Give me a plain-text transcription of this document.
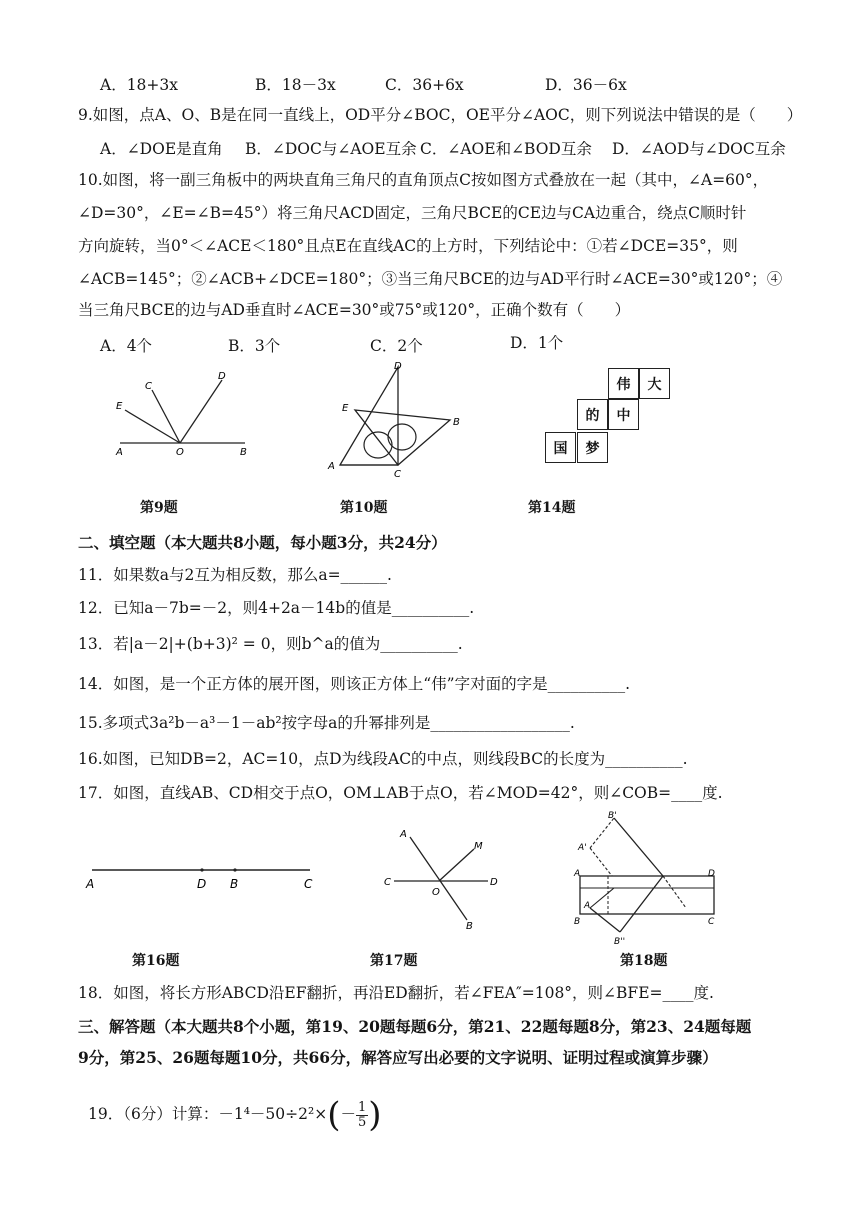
A．18+3x	B．18－3x	C．36+6x	D．36－6x
9.如图，点A、O、B是在同一直线上，OD平分∠BOC，OE平分∠AOC，则下列说法中错误的是（　　）
A．∠DOE是直角 B．∠DOC与∠AOE互余 C．∠AOE和∠BOD互余 D．∠AOD与∠DOC互余
10.如图，将一副三角板中的两块直角三角尺的直角顶点C按如图方式叠放在一起（其中，∠A=60°，
∠D=30°，∠E=∠B=45°）将三角尺ACD固定，三角尺BCE的CE边与CA边重合，绕点C顺时针
方向旋转，当0°＜∠ACE＜180°且点E在直线AC的上方时，下列结论中：①若∠DCE=35°，则
∠ACB=145°；②∠ACB+∠DCE=180°；③当三角尺BCE的边与AD平行时∠ACE=30°或120°；④
当三角尺BCE的边与AD垂直时∠ACE=30°或75°或120°，正确个数有（　　）
A．4个	B．3个	C．2个	D．1个
C
D
E
A	O	B
第9题
D
E
B
A
C
第10题
伟	大
的	中
国	梦
第14题
二、填空题（本大题共8小题，每小题3分，共24分）
11．如果数a与2互为相反数，那么a=______.
12．已知a－7b=－2，则4+2a－14b的值是__________.
13．若|a－2|+(b+3)² = 0，则b^a的值为__________.
14．如图，是一个正方体的展开图，则该正方体上“伟”字对面的字是__________.
15.多项式3a²b－a³－1－ab²按字母a的升幂排列是__________________.
16.如图，已知DB=2，AC=10，点D为线段AC的中点，则线段BC的长度为__________.
17．如图，直线AB、CD相交于点O，OM⊥AB于点O，若∠MOD=42°，则∠COB=____度.
A	D B	C
第16题
A
M
C
O
D
B
第17题
B'
A'
A	D
A
B	C
B''
第18题
18．如图，将长方形ABCD沿EF翻折，再沿ED翻折，若∠FEA″=108°，则∠BFE=____度.
三、解答题（本大题共8个小题，第19、20题每题6分，第21、22题每题8分，第23、24题每题
9分，第25、26题每题10分，共66分，解答应写出必要的文字说明、证明过程或演算步骤）
19．（6分）计算：$-1^4-50\div 2^2\times(- \frac{1}{5}$ )
